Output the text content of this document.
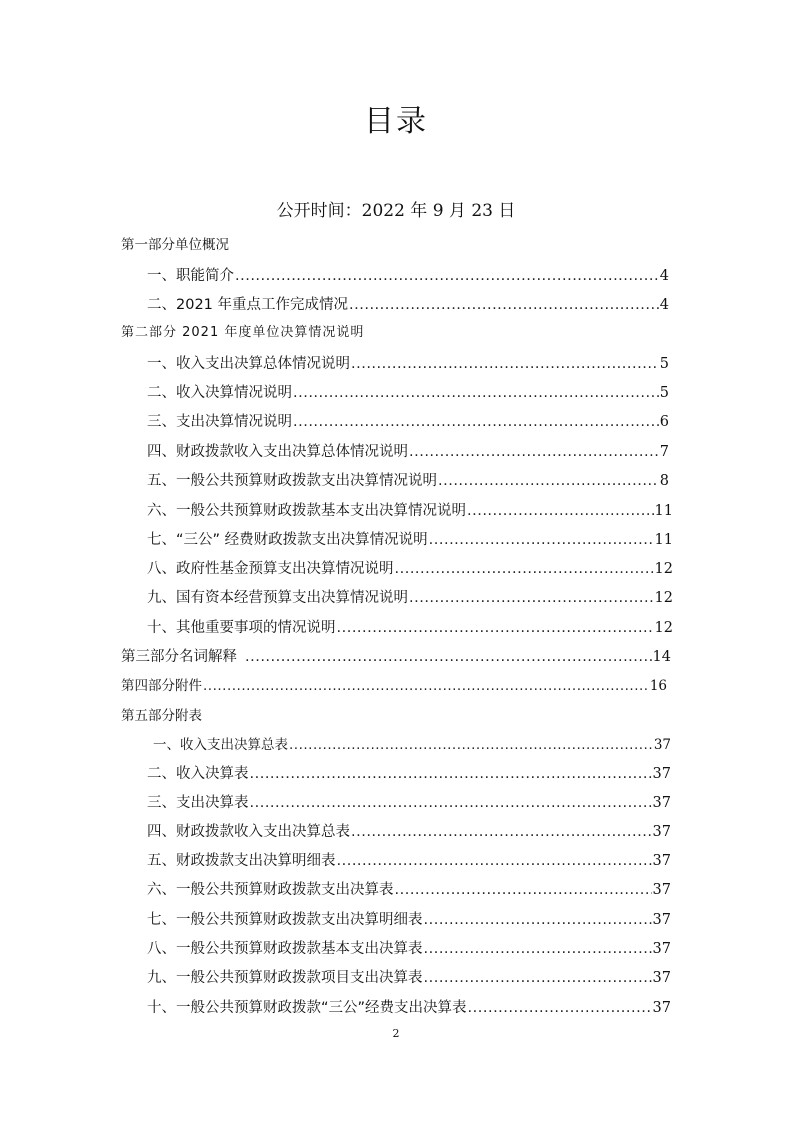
目录
公开时间：2022 年 9 月 23 日
第一部分单位概况
一、职能简介 .....	4
二、2021 年重点工作完成情况 .....	4
第二部分 2021 年度单位决算情况说明
一、收入支出决算总体情况说明 .....	5
二、收入决算情况说明 .....	5
三、支出决算情况说明 .....	6
四、财政拨款收入支出决算总体情况说明 .....	7
五、一般公共预算财政拨款支出决算情况说明 .....	8
六、一般公共预算财政拨款基本支出决算情况说明 .....	11
七、“三公” 经费财政拨款支出决算情况说明 .....	11
八、政府性基金预算支出决算情况说明 .....	12
九、国有资本经营预算支出决算情况说明 .....	12
十、其他重要事项的情况说明 .....	12
第三部分名词解释 .....	14
第四部分附件 .....	16
第五部分附表
一、收入支出决算总表 .....	37
二、收入决算表 .....	37
三、支出决算表 .....	37
四、财政拨款收入支出决算总表 .....	37
五、财政拨款支出决算明细表 .....	37
六、一般公共预算财政拨款支出决算表 .....	37
七、一般公共预算财政拨款支出决算明细表 .....	37
八、一般公共预算财政拨款基本支出决算表 .....	37
九、一般公共预算财政拨款项目支出决算表 .....	37
十、一般公共预算财政拨款“三公”经费支出决算表 .....	37
2
